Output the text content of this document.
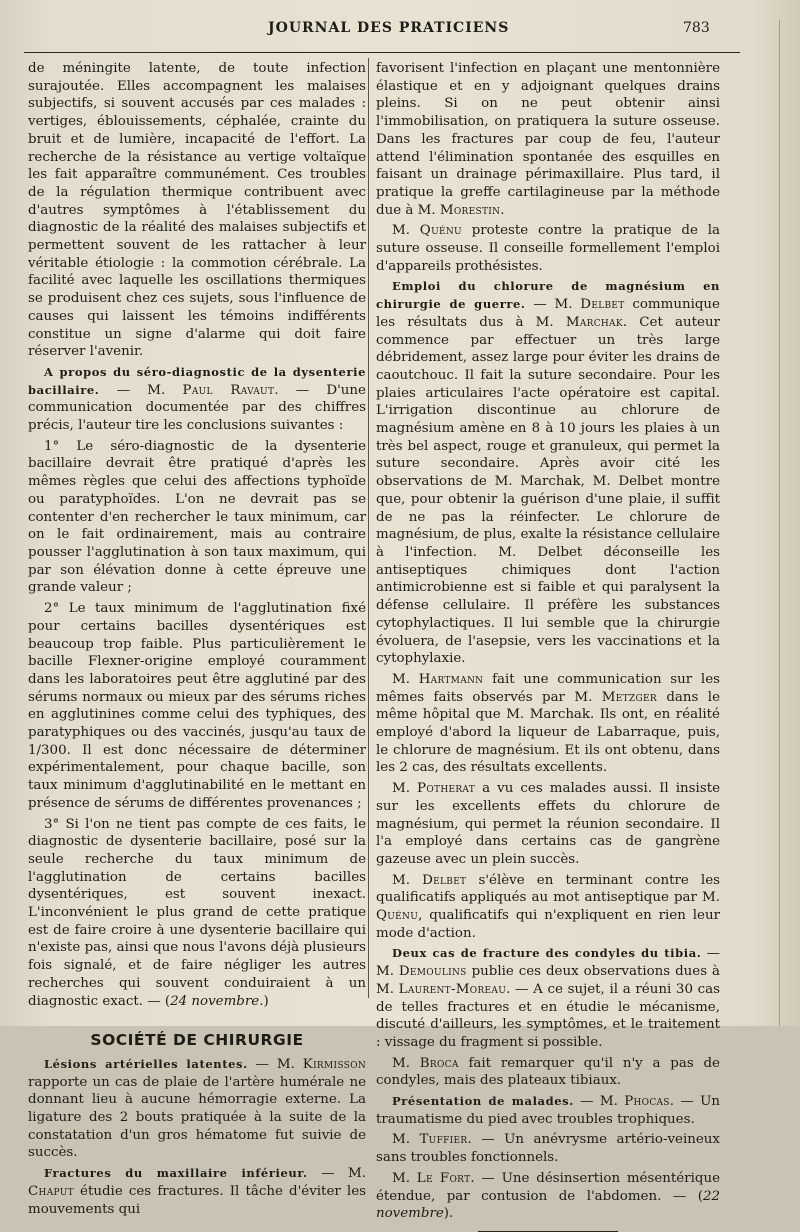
JOURNAL DES PRATICIENS	783

de méningite latente, de toute infection surajoutée. Elles accompagnent les malaises subjectifs, si souvent accusés par ces malades : vertiges, éblouissements, céphalée, crainte du bruit et de lumière, incapacité de l'effort. La recherche de la résistance au vertige voltaïque les fait apparaître communément. Ces troubles de la régulation thermique contribuent avec d'autres symptômes à l'établissement du diagnostic de la réalité des malaises subjectifs et permettent souvent de les rattacher à leur véritable étiologie : la commotion cérébrale. La facilité avec laquelle les oscillations thermiques se produisent chez ces sujets, sous l'influence de causes qui laissent les témoins indifférents constitue un signe d'alarme qui doit faire réserver l'avenir.

A propos du séro-diagnostic de la dysenterie bacillaire. — M. Paul Ravaut. — D'une communication documentée par des chiffres précis, l'auteur tire les conclusions suivantes :

1° Le séro-diagnostic de la dysenterie bacillaire devrait être pratiqué d'après les mêmes règles que celui des affections typhoïde ou paratyphoïdes. L'on ne devrait pas se contenter d'en rechercher le taux minimum, car on le fait ordinairement, mais au contraire pousser l'agglutination à son taux maximum, qui par son élévation donne à cette épreuve une grande valeur ;

2° Le taux minimum de l'agglutination fixé pour certains bacilles dysentériques est beaucoup trop faible. Plus particulièrement le bacille Flexner-origine employé couramment dans les laboratoires peut être agglutiné par des sérums normaux ou mieux par des sérums riches en agglutinines comme celui des typhiques, des paratyphiques ou des vaccinés, jusqu'au taux de 1/300. Il est donc nécessaire de déterminer expérimentalement, pour chaque bacille, son taux minimum d'agglutinabilité en le mettant en présence de sérums de différentes provenances ;

3° Si l'on ne tient pas compte de ces faits, le diagnostic de dysenterie bacillaire, posé sur la seule recherche du taux minimum de l'agglutination de certains bacilles dysentériques, est souvent inexact. L'inconvénient le plus grand de cette pratique est de faire croire à une dysenterie bacillaire qui n'existe pas, ainsi que nous l'avons déjà plusieurs fois signalé, et de faire négliger les autres recherches qui souvent conduiraient à un diagnostic exact. — (24 novembre.)

SOCIÉTÉ DE CHIRURGIE

Lésions artérielles latentes. — M. Kirmisson rapporte un cas de plaie de l'artère humérale ne donnant lieu à aucune hémorragie externe. La ligature des 2 bouts pratiquée à la suite de la constatation d'un gros hématome fut suivie de succès.

Fractures du maxillaire inférieur. — M. Chaput étudie ces fractures. Il tâche d'éviter les mouvements qui

favorisent l'infection en plaçant une mentonnière élastique et en y adjoignant quelques drains pleins. Si on ne peut obtenir ainsi l'immobilisation, on pratiquera la suture osseuse. Dans les fractures par coup de feu, l'auteur attend l'élimination spontanée des esquilles en faisant un drainage périmaxillaire. Plus tard, il pratique la greffe cartilagineuse par la méthode due à M. Morestin.

M. Quénu proteste contre la pratique de la suture osseuse. Il conseille formellement l'emploi d'appareils prothésistes.

Emploi du chlorure de magnésium en chirurgie de guerre. — M. Delbet communique les résultats dus à M. Marchak. Cet auteur commence par effectuer un très large débridement, assez large pour éviter les drains de caoutchouc. Il fait la suture secondaire. Pour les plaies articulaires l'acte opératoire est capital. L'irrigation discontinue au chlorure de magnésium amène en 8 à 10 jours les plaies à un très bel aspect, rouge et granuleux, qui permet la suture secondaire. Après avoir cité les observations de M. Marchak, M. Delbet montre que, pour obtenir la guérison d'une plaie, il suffit de ne pas la réinfecter. Le chlorure de magnésium, de plus, exalte la résistance cellulaire à l'infection. M. Delbet déconseille les antiseptiques chimiques dont l'action antimicrobienne est si faible et qui paralysent la défense cellulaire. Il préfère les substances cytophylactiques. Il lui semble que la chirurgie évoluera, de l'asepsie, vers les vaccinations et la cytophylaxie.

M. Hartmann fait une communication sur les mêmes faits observés par M. Metzger dans le même hôpital que M. Marchak. Ils ont, en réalité employé d'abord la liqueur de Labarraque, puis, le chlorure de magnésium. Et ils ont obtenu, dans les 2 cas, des résultats excellents.

M. Potherat a vu ces malades aussi. Il insiste sur les excellents effets du chlorure de magnésium, qui permet la réunion secondaire. Il l'a employé dans certains cas de gangrène gazeuse avec un plein succès.

M. Delbet s'élève en terminant contre les qualificatifs appliqués au mot antiseptique par M. Quénu, qualificatifs qui n'expliquent en rien leur mode d'action.

Deux cas de fracture des condyles du tibia. — M. Demoulins publie ces deux observations dues à M. Laurent-Moreau. — A ce sujet, il a réuni 30 cas de telles fractures et en étudie le mécanisme, discuté d'ailleurs, les symptômes, et le traitement : vissage du fragment si possible.

M. Broca fait remarquer qu'il n'y a pas de condyles, mais des plateaux tibiaux.

Présentation de malades. — M. Phocas. — Un traumatisme du pied avec troubles trophiques.

M. Tuffier. — Un anévrysme artério-veineux sans troubles fonctionnels.

M. Le Fort. — Une désinsertion mésentérique étendue, par contusion de l'abdomen. — (22 novembre).
